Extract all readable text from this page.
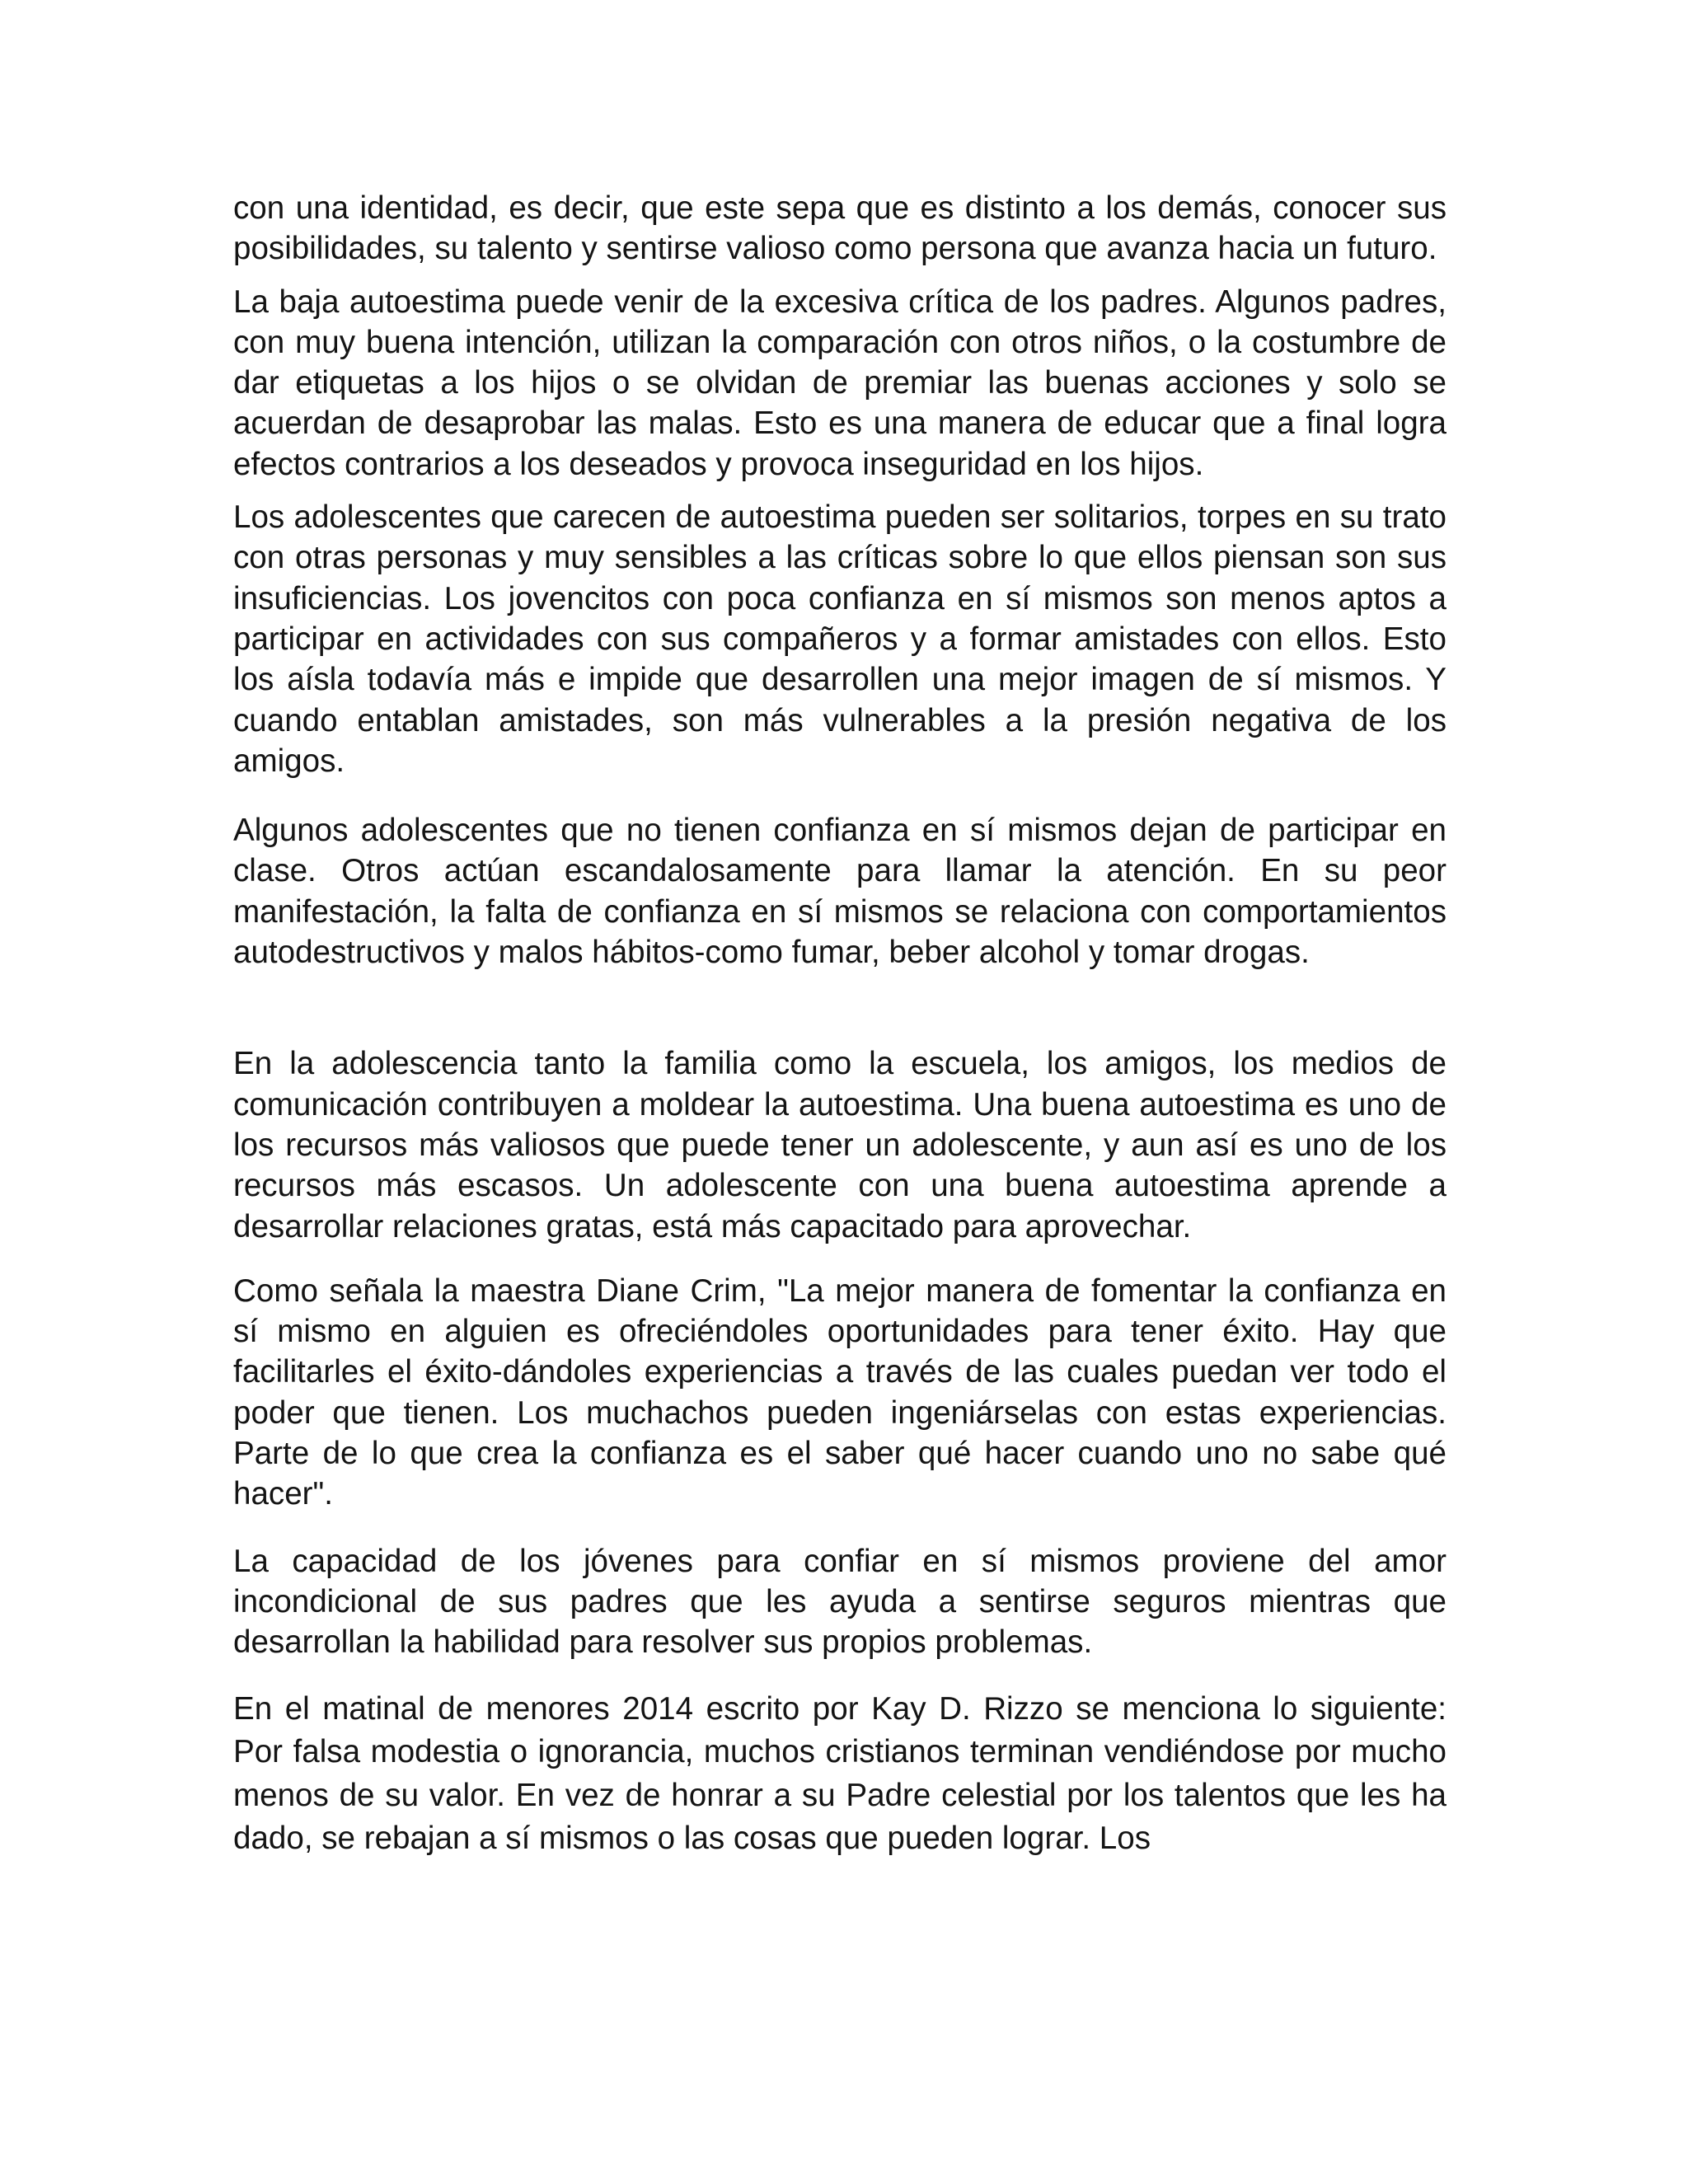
con una identidad, es decir, que este sepa que es distinto a los demás, conocer sus posibilidades, su talento y sentirse valioso como persona que avanza hacia un futuro.

La baja autoestima puede venir de la excesiva crítica de los padres. Algunos padres, con muy buena intención, utilizan la comparación con otros niños, o la costumbre de dar etiquetas a los hijos o se olvidan de premiar las buenas acciones y solo se acuerdan de desaprobar las malas. Esto es una manera de educar que a final logra efectos contrarios a los deseados y provoca inseguridad en los hijos.

Los adolescentes que carecen de autoestima pueden ser solitarios, torpes en su trato con otras personas y muy sensibles a las críticas sobre lo que ellos piensan son sus insuficiencias. Los jovencitos con poca confianza en sí mismos son menos aptos a participar en actividades con sus compañeros y a formar amistades con ellos. Esto los aísla todavía más e impide que desarrollen una mejor imagen de sí mismos. Y cuando entablan amistades, son más vulnerables a la presión negativa de los amigos.

Algunos adolescentes que no tienen confianza en sí mismos dejan de participar en clase. Otros actúan escandalosamente para llamar la atención. En su peor manifestación, la falta de confianza en sí mismos se relaciona con comportamientos autodestructivos y malos hábitos-como fumar, beber alcohol y tomar drogas.

En la adolescencia tanto la familia como la escuela, los amigos, los medios de comunicación contribuyen a moldear la autoestima. Una buena autoestima es uno de los recursos más valiosos que puede tener un adolescente, y aun así es uno de los recursos más escasos. Un adolescente con una buena autoestima aprende a desarrollar relaciones gratas, está más capacitado para aprovechar.

Como señala la maestra Diane Crim, "La mejor manera de fomentar la confianza en sí mismo en alguien es ofreciéndoles oportunidades para tener éxito. Hay que facilitarles el éxito-dándoles experiencias a través de las cuales puedan ver todo el poder que tienen. Los muchachos pueden ingeniárselas con estas experiencias. Parte de lo que crea la confianza es el saber qué hacer cuando uno no sabe qué hacer".

La capacidad de los jóvenes para confiar en sí mismos proviene del amor incondicional de sus padres que les ayuda a sentirse seguros mientras que desarrollan la habilidad para resolver sus propios problemas.

En el matinal de menores 2014 escrito por Kay D. Rizzo se menciona lo siguiente: Por falsa modestia o ignorancia, muchos cristianos terminan vendiéndose por mucho menos de su valor. En vez de honrar a su Padre celestial por los talentos que les ha dado, se rebajan a sí mismos o las cosas que pueden lograr. Los
